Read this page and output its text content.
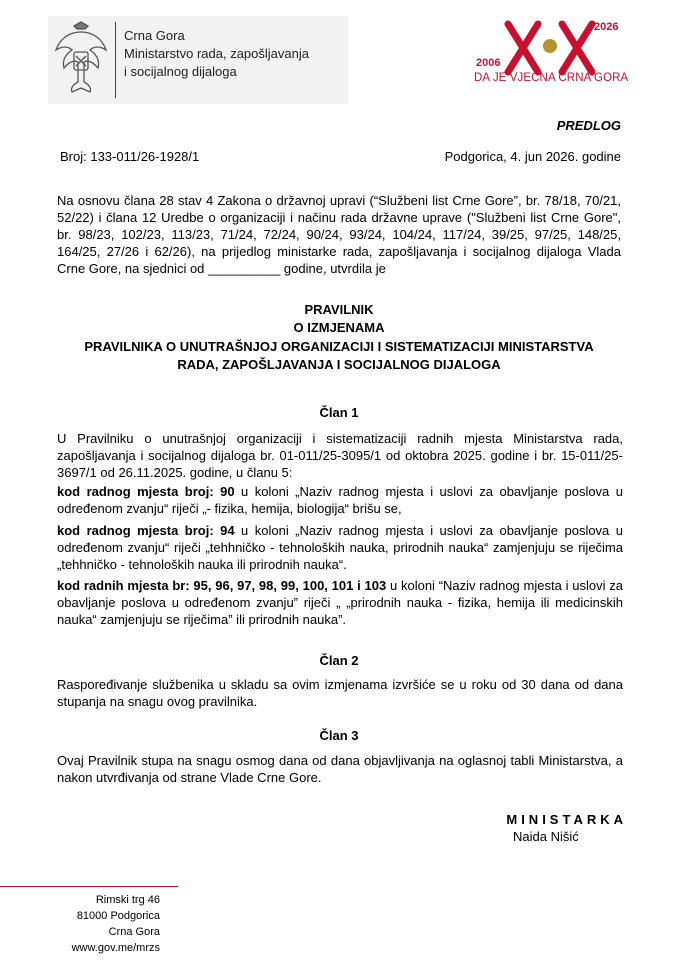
Crna Gora
Ministarstvo rada, zapošljavanja
i socijalnog dijaloga
2006
2026
DA JE VJEČNA CRNA GORA
PREDLOG
Broj: 133-011/26-1928/1	Podgorica, 4. jun 2026. godine
Na osnovu člana 28 stav 4 Zakona o državnoj upravi (“Službeni list Crne Gore”, br. 78/18, 70/21, 52/22) i člana 12 Uredbe o organizaciji i načinu rada državne uprave ("Službeni list Crne Gore", br. 98/23, 102/23, 113/23, 71/24, 72/24, 90/24, 93/24, 104/24, 117/24, 39/25, 97/25, 148/25, 164/25, 27/26 i 62/26), na prijedlog ministarke rada, zapošljavanja i socijalnog dijaloga Vlada Crne Gore, na sjednici od __________ godine, utvrdila je
PRAVILNIK
O IZMJENAMA
PRAVILNIKA O UNUTRAŠNJOJ ORGANIZACIJI I SISTEMATIZACIJI MINISTARSTVA
RADA, ZAPOŠLJAVANJA I SOCIJALNOG DIJALOGA
Član 1
U Pravilniku o unutrašnjoj organizaciji i sistematizaciji radnih mjesta Ministarstva rada, zapošljavanja i socijalnog dijaloga br. 01-011/25-3095/1 od oktobra 2025. godine i br. 15-011/25-3697/1 od 26.11.2025. godine, u članu 5:
kod radnog mjesta broj: 90 u koloni „Naziv radnog mjesta i uslovi za obavljanje poslova u određenom zvanju“ riječi „- fizika, hemija, biologija“ brišu se,
kod radnog mjesta broj: 94 u koloni „Naziv radnog mjesta i uslovi za obavljanje poslova u određenom zvanju“ riječi „tehhničko - tehnoloških nauka, prirodnih nauka“ zamjenjuju se riječima „tehhničko - tehnoloških nauka ili prirodnih nauka“.
kod radnih mjesta br: 95, 96, 97, 98, 99, 100, 101 i 103 u koloni “Naziv radnog mjesta i uslovi za obavljanje poslova u određenom zvanju” riječi „ „prirodnih nauka - fizika, hemija ili medicinskih nauka“ zamjenjuju se riječima” ili prirodnih nauka”.
Član 2
Raspoređivanje službenika u skladu sa ovim izmjenama izvršiće se u roku od 30 dana od dana stupanja na snagu ovog pravilnika.
Član 3
Ovaj Pravilnik stupa na snagu osmog dana od dana objavljivanja na oglasnoj tabli Ministarstva, a nakon utvrđivanja od strane Vlade Crne Gore.
MINISTARKA
Naida Nišić
Rimski trg 46
81000 Podgorica
Crna Gora
www.gov.me/mrzs
